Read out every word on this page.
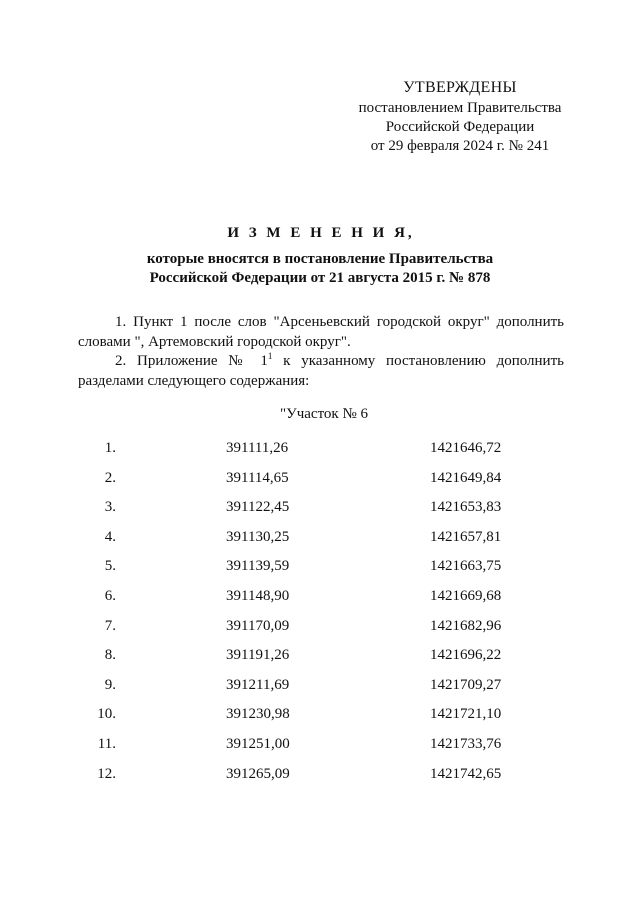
УТВЕРЖДЕНЫ
постановлением Правительства
Российской Федерации
от 29 февраля 2024 г. № 241
И З М Е Н Е Н И Я,
которые вносятся в постановление Правительства
Российской Федерации от 21 августа 2015 г. № 878
1. Пункт 1 после слов "Арсеньевский городской округ" дополнить словами ", Артемовский городской округ".
2. Приложение № $1^1$ к указанному постановлению дополнить разделами следующего содержания:
"Участок № 6
1.	391111,26	1421646,72
2.	391114,65	1421649,84
3.	391122,45	1421653,83
4.	391130,25	1421657,81
5.	391139,59	1421663,75
6.	391148,90	1421669,68
7.	391170,09	1421682,96
8.	391191,26	1421696,22
9.	391211,69	1421709,27
10.	391230,98	1421721,10
11.	391251,00	1421733,76
12.	391265,09	1421742,65
